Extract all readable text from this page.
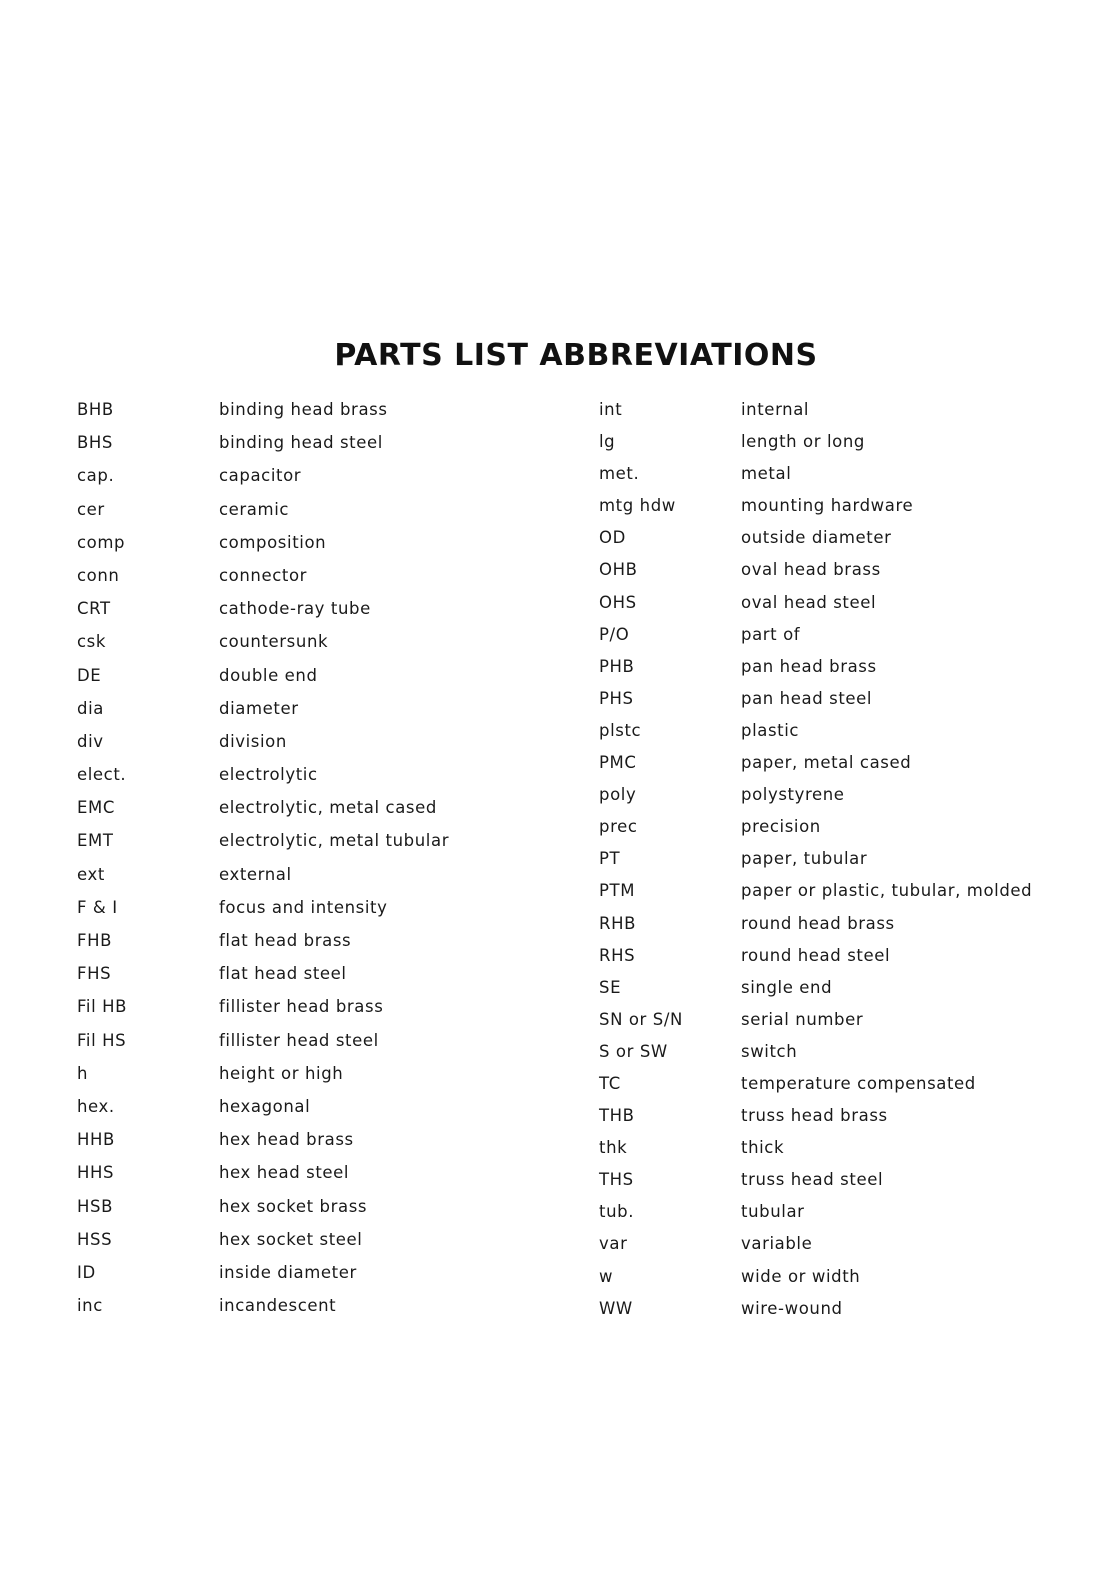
PARTS LIST ABBREVIATIONS
BHB	binding head brass
BHS	binding head steel
cap.	capacitor
cer	ceramic
comp	composition
conn	connector
CRT	cathode-ray tube
csk	countersunk
DE	double end
dia	diameter
div	division
elect.	electrolytic
EMC	electrolytic, metal cased
EMT	electrolytic, metal tubular
ext	external
F & I	focus and intensity
FHB	flat head brass
FHS	flat head steel
Fil HB	fillister head brass
Fil HS	fillister head steel
h	height or high
hex.	hexagonal
HHB	hex head brass
HHS	hex head steel
HSB	hex socket brass
HSS	hex socket steel
ID	inside diameter
inc	incandescent
int	internal
lg	length or long
met.	metal
mtg hdw	mounting hardware
OD	outside diameter
OHB	oval head brass
OHS	oval head steel
P/O	part of
PHB	pan head brass
PHS	pan head steel
plstc	plastic
PMC	paper, metal cased
poly	polystyrene
prec	precision
PT	paper, tubular
PTM	paper or plastic, tubular, molded
RHB	round head brass
RHS	round head steel
SE	single end
SN or S/N	serial number
S or SW	switch
TC	temperature compensated
THB	truss head brass
thk	thick
THS	truss head steel
tub.	tubular
var	variable
w	wide or width
WW	wire-wound
